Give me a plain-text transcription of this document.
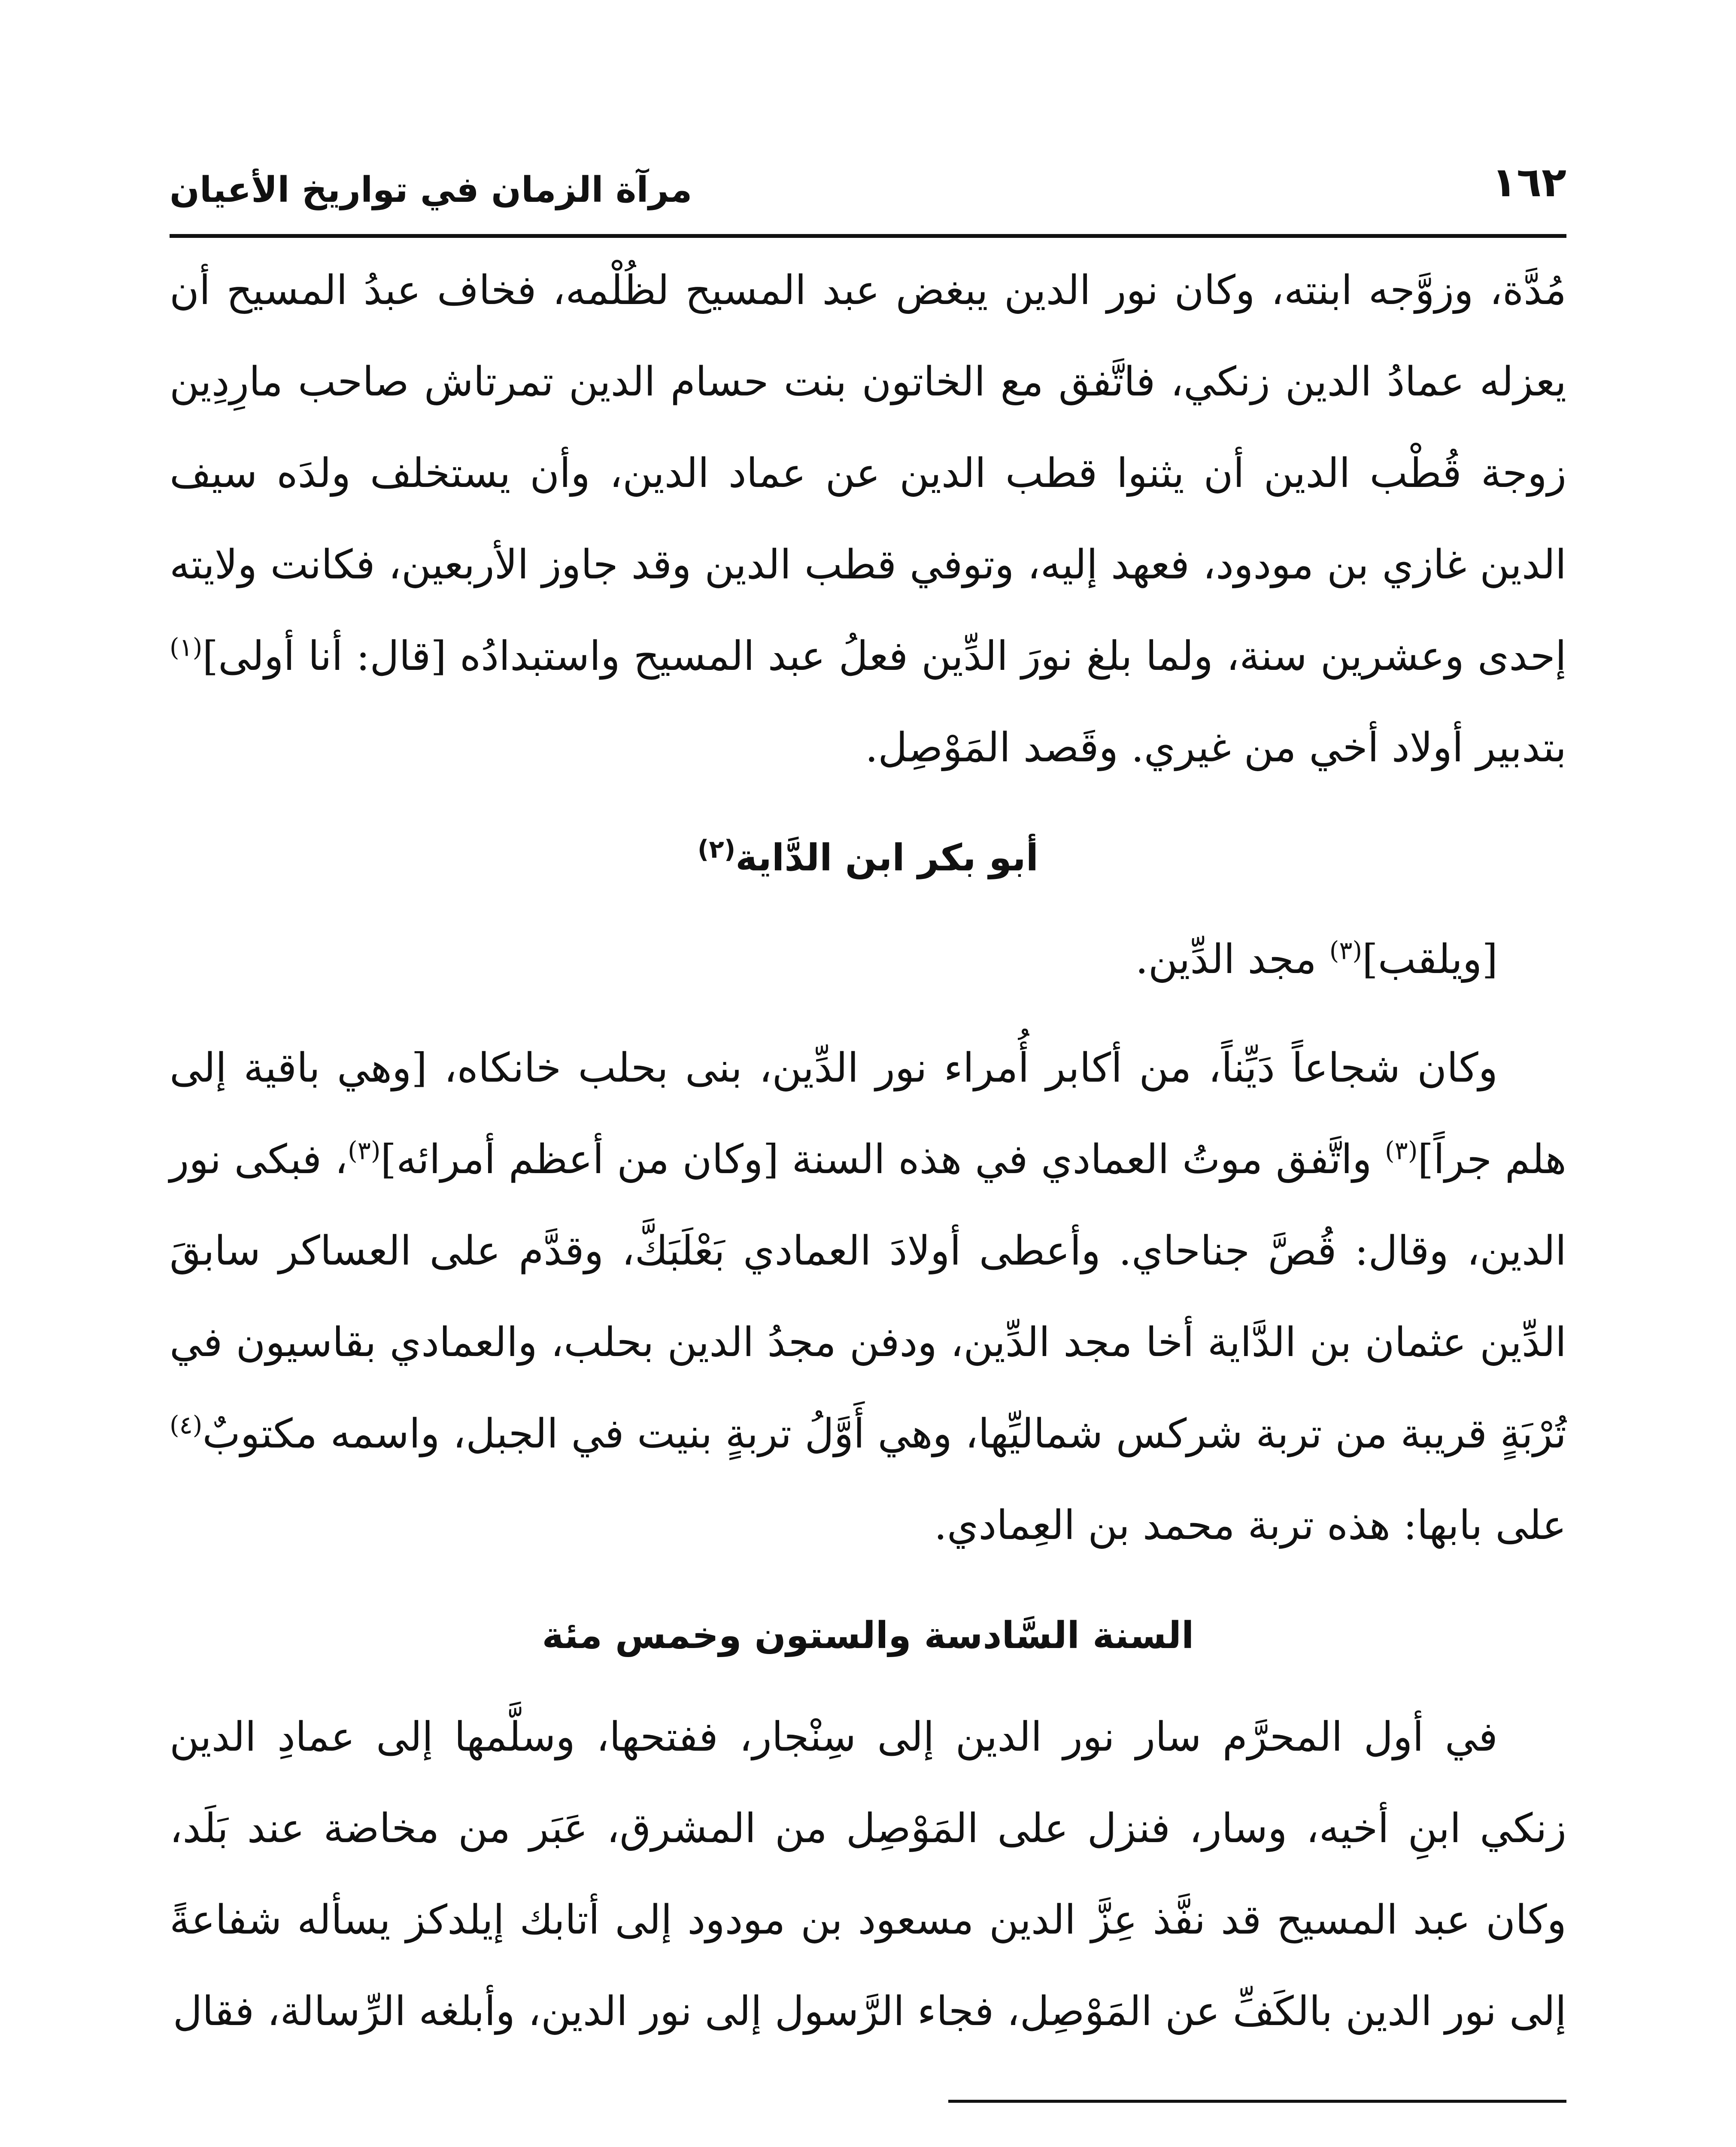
١٦٢
مرآة الزمان في تواريخ الأعيان

مُدَّة، وزوَّجه ابنته، وكان نور الدين يبغض عبد المسيح لظُلْمه، فخاف عبدُ المسيح أن يعزله عمادُ الدين زنكي، فاتَّفق مع الخاتون بنت حسام الدين تمرتاش صاحب مارِدِين زوجة قُطْب الدين أن يثنوا قطب الدين عن عماد الدين، وأن يستخلف ولدَه سيف الدين غازي بن مودود، فعهد إليه، وتوفي قطب الدين وقد جاوز الأربعين، فكانت ولايته إحدى وعشرين سنة، ولما بلغ نورَ الدِّين فعلُ عبد المسيح واستبدادُه [قال: أنا أولى]$^{(١)}$ بتدبير أولاد أخي من غيري. وقَصد المَوْصِل.

أبو بكر ابن الدَّاية$^{(٢)}$

[ويلقب]$^{(٣)}$ مجد الدِّين.

وكان شجاعاً دَيِّناً، من أكابر أُمراء نور الدِّين، بنى بحلب خانكاه، [وهي باقية إلى هلم جراً]$^{(٣)}$ واتَّفق موتُ العمادي في هذه السنة [وكان من أعظم أمرائه]$^{(٣)}$، فبكى نور الدين، وقال: قُصَّ جناحاي. وأعطى أولادَ العمادي بَعْلَبَكَّ، وقدَّم على العساكر سابقَ الدِّين عثمان بن الدَّاية أخا مجد الدِّين، ودفن مجدُ الدين بحلب، والعمادي بقاسيون في تُرْبَةٍ قريبة من تربة شركس شماليِّها، وهي أَوَّلُ تربةٍ بنيت في الجبل، واسمه مكتوبٌ$^{(٤)}$ على بابها: هذه تربة محمد بن العِمادي.

السنة السَّادسة والستون وخمس مئة

في أول المحرَّم سار نور الدين إلى سِنْجار، ففتحها، وسلَّمها إلى عمادِ الدين زنكي ابنِ أخيه، وسار، فنزل على المَوْصِل من المشرق، عَبَر من مخاضة عند بَلَد، وكان عبد المسيح قد نفَّذ عِزَّ الدين مسعود بن مودود إلى أتابك إيلدكز يسأله شفاعةً إلى نور الدين بالكَفِّ عن المَوْصِل، فجاء الرَّسول إلى نور الدين، وأبلغه الرِّسالة، فقال
